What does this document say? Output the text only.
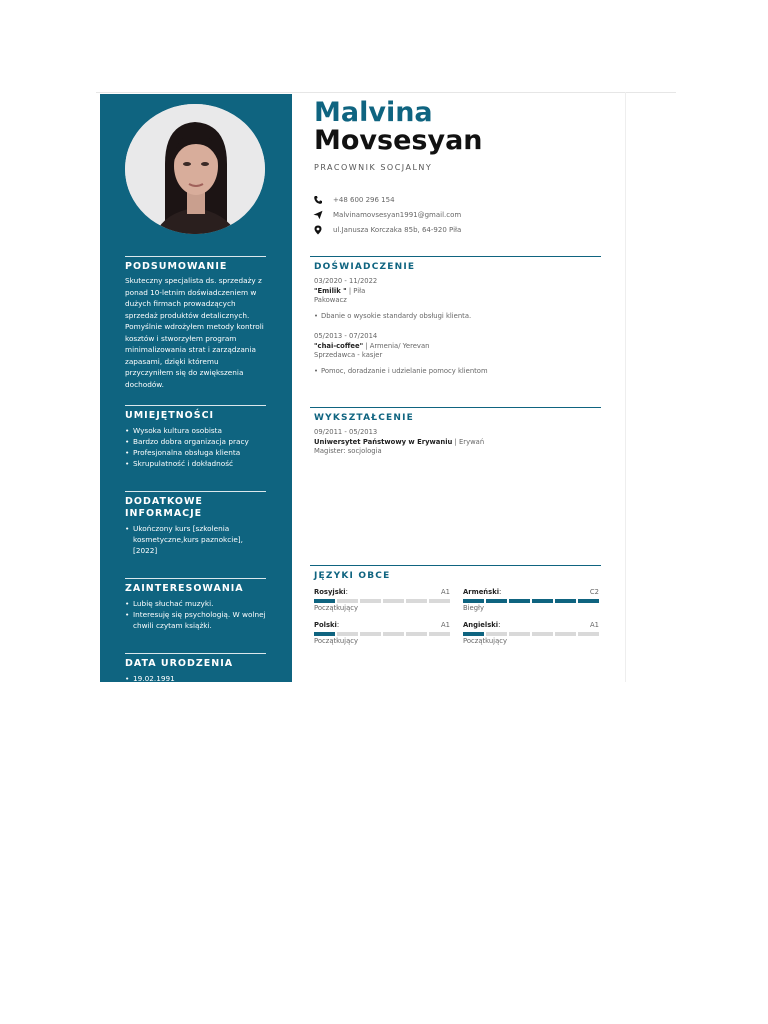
PODSUMOWANIE
Skuteczny specjalista ds. sprzedaży z ponad 10-letnim doświadczeniem w dużych firmach prowadzących sprzedaż produktów detalicznych. Pomyślnie wdrożyłem metody kontroli kosztów i stworzyłem program minimalizowania strat i zarządzania zapasami, dzięki któremu przyczyniłem się do zwiększenia dochodów.
UMIEJĘTNOŚCI
• Wysoka kultura osobista
• Bardzo dobra organizacja pracy
• Profesjonalna obsługa klienta
• Skrupulatność i dokładność
DODATKOWE
INFORMACJE
• Ukończony kurs [szkolenia kosmetyczne,kurs paznokcie], [2022]
ZAINTERESOWANIA
• Lubię słuchać muzyki.
• Interesuję się psychologią. W wolnej chwili czytam książki.
DATA URODZENIA
• 19.02.1991
Malvina
Movsesyan
PRACOWNIK SOCJALNY
+48 600 296 154
Malvinamovsesyan1991@gmail.com
ul.Janusza Korczaka 85b, 64-920 Piła
DOŚWIADCZENIE
03/2020 - 11/2022
"Emilik " | Piła
Pakowacz
• Dbanie o wysokie standardy obsługi klienta.
05/2013 - 07/2014
"chai-coffee" | Armenia/ Yerevan
Sprzedawca - kasjer
• Pomoc, doradzanie i udzielanie pomocy klientom
WYKSZTAŁCENIE
09/2011 - 05/2013
Uniwersytet Państwowy w Erywaniu | Erywań
Magister: socjologia
JĘZYKI OBCE
Rosyjski:	A1
Początkujący
Armeński:	C2
Biegły
Polski:	A1
Początkujący
Angielski:	A1
Początkujący
